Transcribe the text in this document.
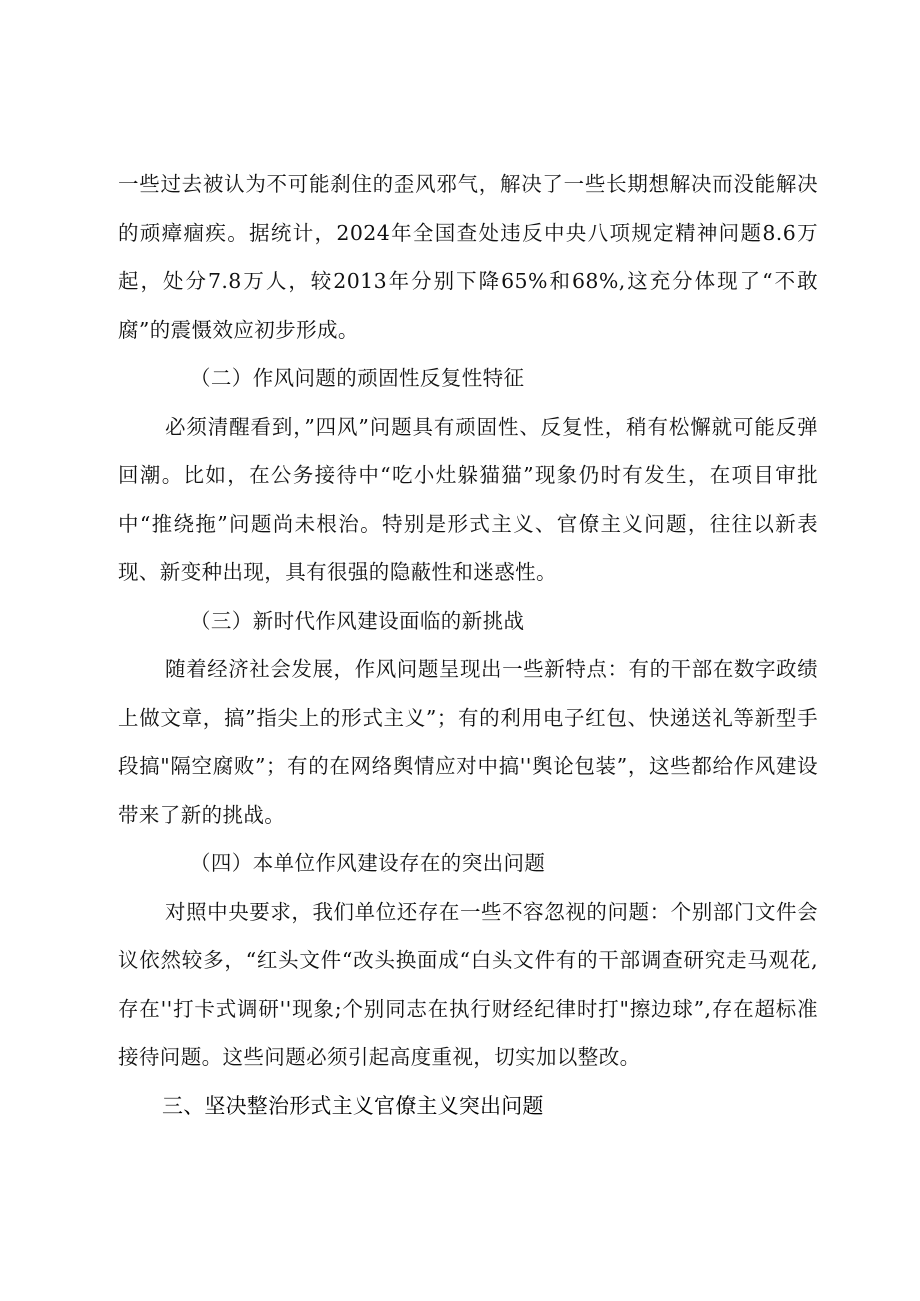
一些过去被认为不可能刹住的歪风邪气，解决了一些长期想解决而没能解决的顽瘴痼疾。据统计，2024年全国查处违反中央八项规定精神问题8.6万起，处分7.8万人，较2013年分别下降65%和68%,这充分体现了“不敢腐”的震慑效应初步形成。

（二）作风问题的顽固性反复性特征

必须清醒看到，”四风”问题具有顽固性、反复性，稍有松懈就可能反弹回潮。比如，在公务接待中“吃小灶躲猫猫”现象仍时有发生，在项目审批中“推绕拖”问题尚未根治。特别是形式主义、官僚主义问题，往往以新表现、新变种出现，具有很强的隐蔽性和迷惑性。

（三）新时代作风建设面临的新挑战

随着经济社会发展，作风问题呈现出一些新特点：有的干部在数字政绩上做文章，搞”指尖上的形式主义”；有的利用电子红包、快递送礼等新型手段搞"隔空腐败”；有的在网络舆情应对中搞''舆论包装”，这些都给作风建设带来了新的挑战。

（四）本单位作风建设存在的突出问题

对照中央要求，我们单位还存在一些不容忽视的问题：个别部门文件会议依然较多，“红头文件“改头换面成“白头文件有的干部调查研究走马观花,存在''打卡式调研''现象;个别同志在执行财经纪律时打"擦边球”,存在超标准接待问题。这些问题必须引起高度重视，切实加以整改。

三、坚决整治形式主义官僚主义突出问题
